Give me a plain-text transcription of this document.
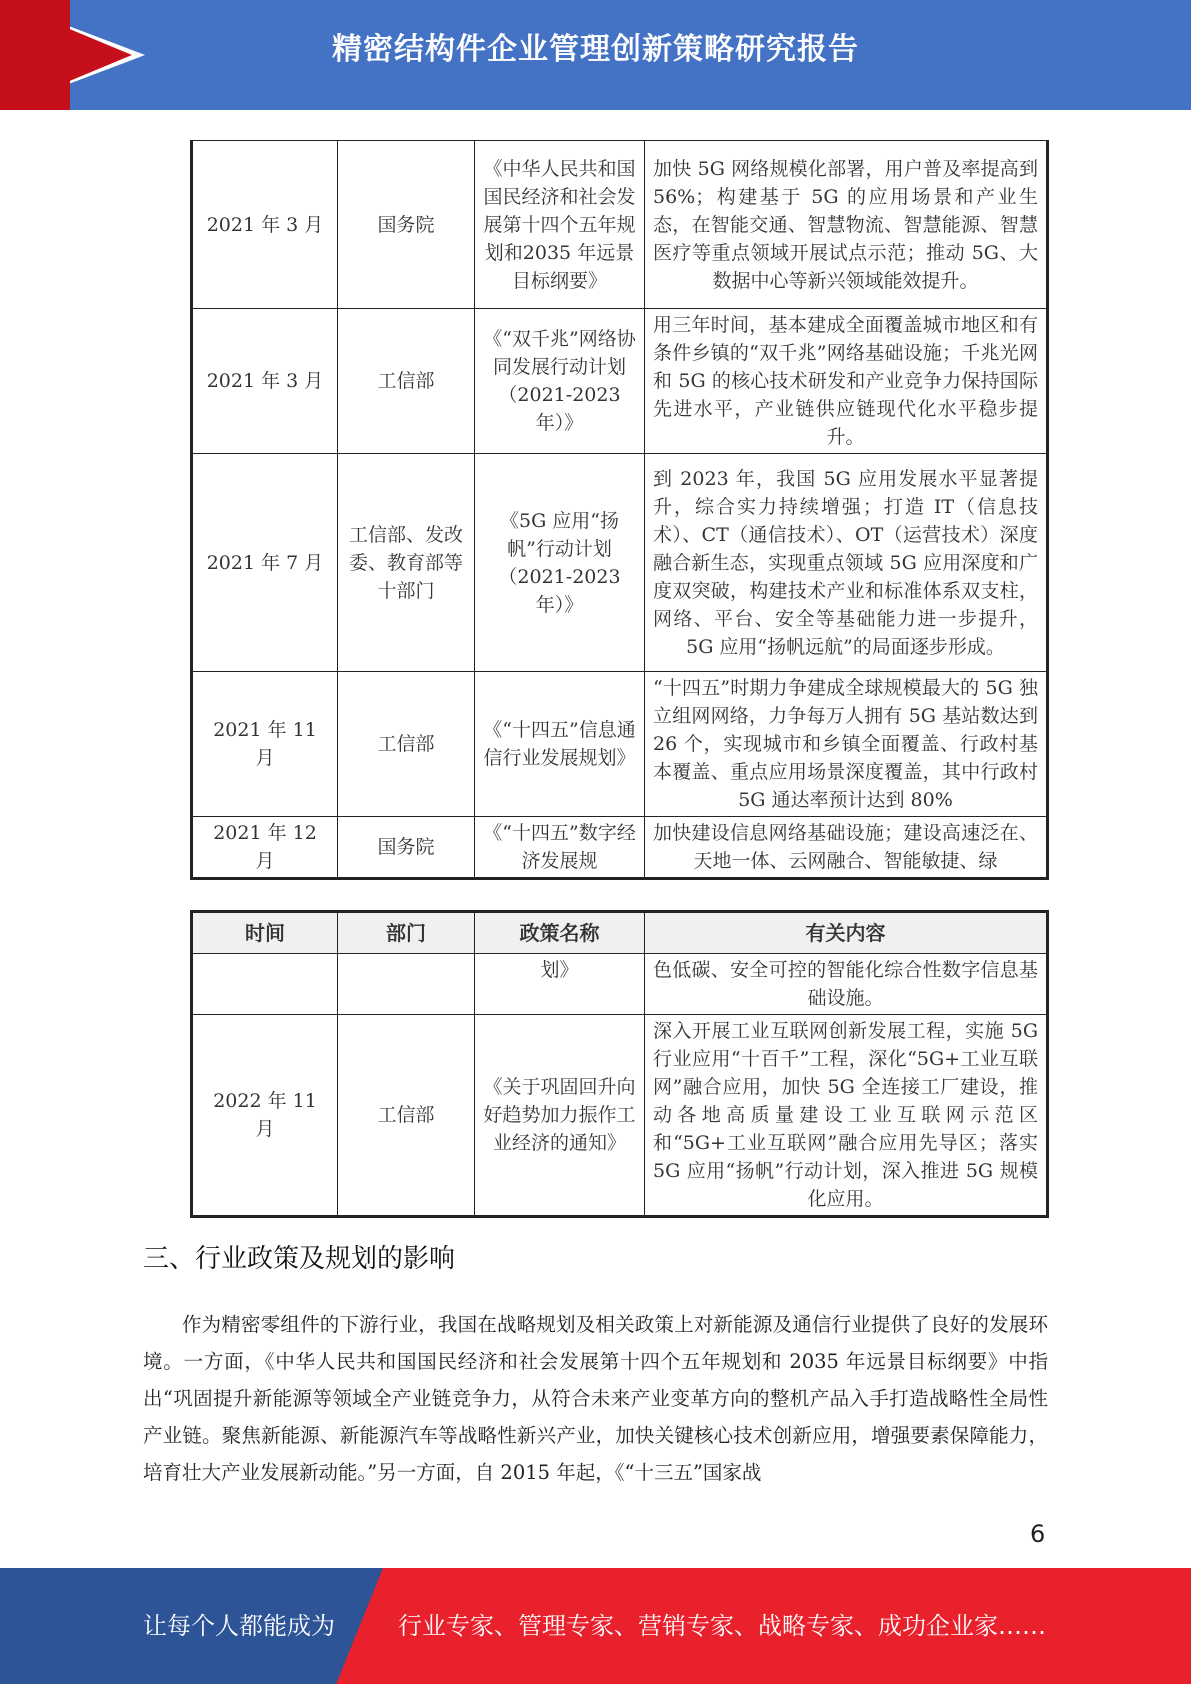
精密结构件企业管理创新策略研究报告
2021 年 3 月	国务院	《中华人民共和国国民经济和社会发展第十四个五年规划和2035 年远景目标纲要》	加快 5G 网络规模化部署，用户普及率提高到 56%；构建基于 5G 的应用场景和产业生态，在智能交通、智慧物流、智慧能源、智慧医疗等重点领域开展试点示范；推动 5G、大数据中心等新兴领域能效提升。
2021 年 3 月	工信部	《“双千兆”网络协同发展行动计划（2021-2023年）》	用三年时间，基本建成全面覆盖城市地区和有条件乡镇的“双千兆”网络基础设施；千兆光网和 5G 的核心技术研发和产业竞争力保持国际先进水平，产业链供应链现代化水平稳步提升。
2021 年 7 月	工信部、发改委、教育部等十部门	《5G 应用“扬帆”行动计划（2021-2023年）》	到 2023 年，我国 5G 应用发展水平显著提升，综合实力持续增强；打造 IT（信息技术）、CT（通信技术）、OT（运营技术）深度融合新生态，实现重点领域 5G 应用深度和广度双突破，构建技术产业和标准体系双支柱，网络、平台、安全等基础能力进一步提升，5G 应用“扬帆远航”的局面逐步形成。
2021 年 11 月	工信部	《“十四五”信息通信行业发展规划》	“十四五”时期力争建成全球规模最大的 5G 独立组网网络，力争每万人拥有 5G 基站数达到 26 个，实现城市和乡镇全面覆盖、行政村基本覆盖、重点应用场景深度覆盖，其中行政村 5G 通达率预计达到 80%
2021 年 12 月	国务院	《“十四五”数字经济发展规	加快建设信息网络基础设施；建设高速泛在、天地一体、云网融合、智能敏捷、绿
时间	部门	政策名称	有关内容
		划》	色低碳、安全可控的智能化综合性数字信息基础设施。
2022 年 11 月	工信部	《关于巩固回升向好趋势加力振作工业经济的通知》	深入开展工业互联网创新发展工程，实施 5G 行业应用“十百千”工程，深化“5G+工业互联网”融合应用，加快 5G 全连接工厂建设，推动各地高质量建设工业互联网示范区和“5G+工业互联网”融合应用先导区；落实 5G 应用“扬帆”行动计划，深入推进 5G 规模化应用。
三、行业政策及规划的影响

作为精密零组件的下游行业，我国在战略规划及相关政策上对新能源及通信行业提供了良好的发展环境。一方面，《中华人民共和国国民经济和社会发展第十四个五年规划和 2035 年远景目标纲要》中指出“巩固提升新能源等领域全产业链竞争力，从符合未来产业变革方向的整机产品入手打造战略性全局性产业链。聚焦新能源、新能源汽车等战略性新兴产业，加快关键核心技术创新应用，增强要素保障能力，培育壮大产业发展新动能。”另一方面，自 2015 年起，《“十三五”国家战

6
让每个人都能成为	行业专家、管理专家、营销专家、战略专家、成功企业家……
